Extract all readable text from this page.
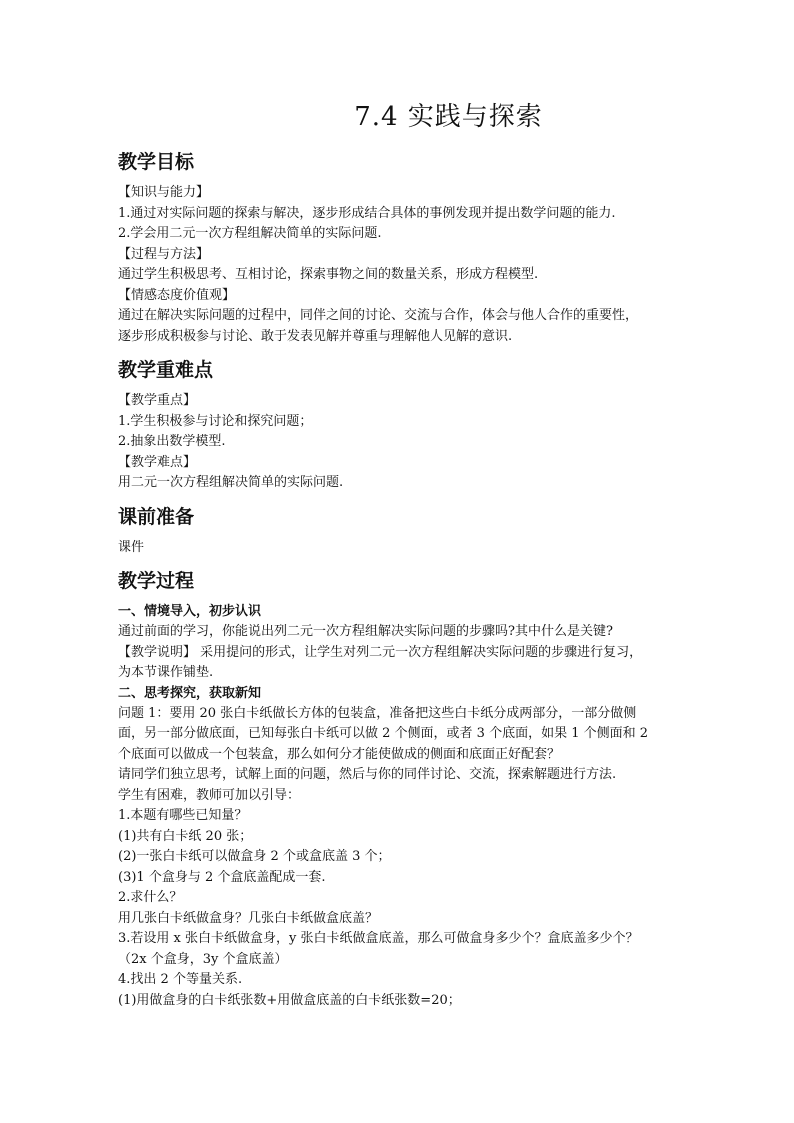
7.4 实践与探索
教学目标
【知识与能力】
1.通过对实际问题的探索与解决，逐步形成结合具体的事例发现并提出数学问题的能力.
2.学会用二元一次方程组解决简单的实际问题.
【过程与方法】
通过学生积极思考、互相讨论，探索事物之间的数量关系，形成方程模型.
【情感态度价值观】
通过在解决实际问题的过程中，同伴之间的讨论、交流与合作，体会与他人合作的重要性，
逐步形成积极参与讨论、敢于发表见解并尊重与理解他人见解的意识.
教学重难点
【教学重点】
1.学生积极参与讨论和探究问题；
2.抽象出数学模型.
【教学难点】
用二元一次方程组解决简单的实际问题.
课前准备
课件
教学过程
一、情境导入，初步认识
通过前面的学习，你能说出列二元一次方程组解决实际问题的步骤吗?其中什么是关键?
【教学说明】 采用提问的形式，让学生对列二元一次方程组解决实际问题的步骤进行复习，
为本节课作铺垫.
二、思考探究，获取新知
问题 1：要用 20 张白卡纸做长方体的包装盒，准备把这些白卡纸分成两部分，一部分做侧
面，另一部分做底面，已知每张白卡纸可以做 2 个侧面，或者 3 个底面，如果 1 个侧面和 2
个底面可以做成一个包装盒，那么如何分才能使做成的侧面和底面正好配套？
请同学们独立思考，试解上面的问题，然后与你的同伴讨论、交流，探索解题进行方法.
学生有困难，教师可加以引导：
1.本题有哪些已知量？
(1)共有白卡纸 20 张；
(2)一张白卡纸可以做盒身 2 个或盒底盖 3 个；
(3)1 个盒身与 2 个盒底盖配成一套.
2.求什么？
用几张白卡纸做盒身？几张白卡纸做盒底盖？
3.若设用 x 张白卡纸做盒身，y 张白卡纸做盒底盖，那么可做盒身多少个？盒底盖多少个？
（2x 个盒身，3y 个盒底盖）
4.找出 2 个等量关系.
(1)用做盒身的白卡纸张数+用做盒底盖的白卡纸张数=20；
